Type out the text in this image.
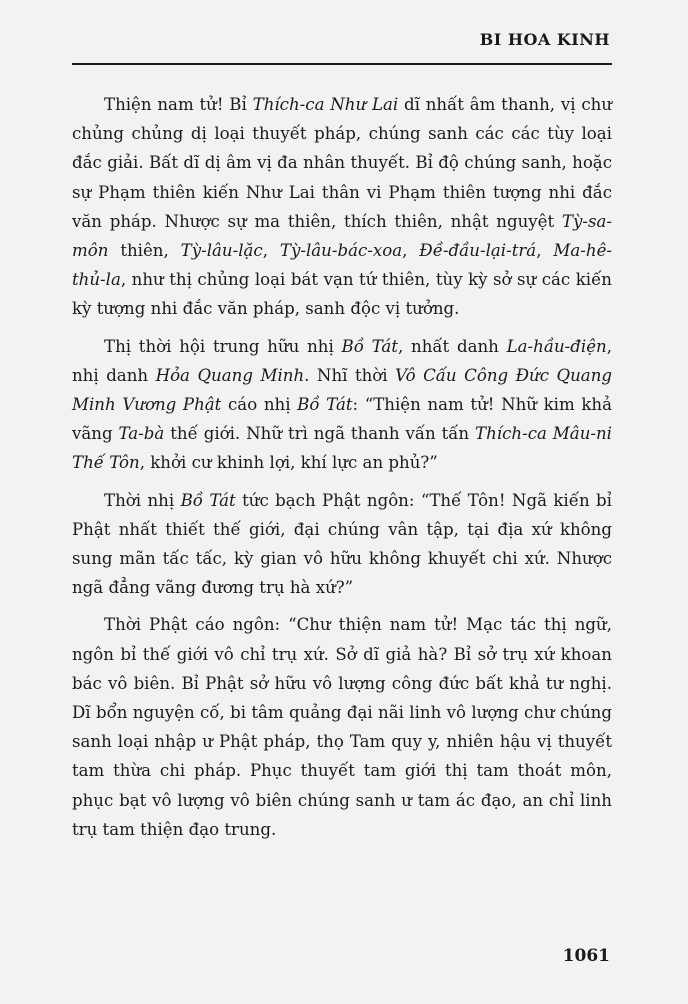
BI HOA KINH

Thiện nam tử! Bỉ Thích-ca Như Lai dĩ nhất âm thanh, vị chư chủng chủng dị loại thuyết pháp, chúng sanh các các tùy loại đắc giải. Bất dĩ dị âm vị đa nhân thuyết. Bỉ độ chúng sanh, hoặc sự Phạm thiên kiến Như Lai thân vi Phạm thiên tượng nhi đắc văn pháp. Nhược sự ma thiên, thích thiên, nhật nguyệt Tỳ-sa-môn thiên, Tỳ-lâu-lặc, Tỳ-lâu-bác-xoa, Đề-đầu-lại-trá, Ma-hê-thủ-la, như thị chủng loại bát vạn tứ thiên, tùy kỳ sở sự các kiến kỳ tượng nhi đắc văn pháp, sanh độc vị tưởng.

Thị thời hội trung hữu nhị Bồ Tát, nhất danh La-hầu-điện, nhị danh Hỏa Quang Minh. Nhĩ thời Vô Cấu Công Đức Quang Minh Vương Phật cáo nhị Bồ Tát: “Thiện nam tử! Nhữ kim khả vãng Ta-bà thế giới. Nhữ trì ngã thanh vấn tấn Thích-ca Mâu-ni Thế Tôn, khởi cư khinh lợi, khí lực an phủ?”

Thời nhị Bồ Tát tức bạch Phật ngôn: “Thế Tôn! Ngã kiến bỉ Phật nhất thiết thế giới, đại chúng vân tập, tại địa xứ không sung mãn tấc tấc, kỳ gian vô hữu không khuyết chi xứ. Nhược ngã đẳng vãng đương trụ hà xứ?”

Thời Phật cáo ngôn: “Chư thiện nam tử! Mạc tác thị ngữ, ngôn bỉ thế giới vô chỉ trụ xứ. Sở dĩ giả hà? Bỉ sở trụ xứ khoan bác vô biên. Bỉ Phật sở hữu vô lượng công đức bất khả tư nghị. Dĩ bổn nguyện cố, bi tâm quảng đại nãi linh vô lượng chư chúng sanh loại nhập ư Phật pháp, thọ Tam quy y, nhiên hậu vị thuyết tam thừa chi pháp. Phục thuyết tam giới thị tam thoát môn, phục bạt vô lượng vô biên chúng sanh ư tam ác đạo, an chỉ linh trụ tam thiện đạo trung.

1061
